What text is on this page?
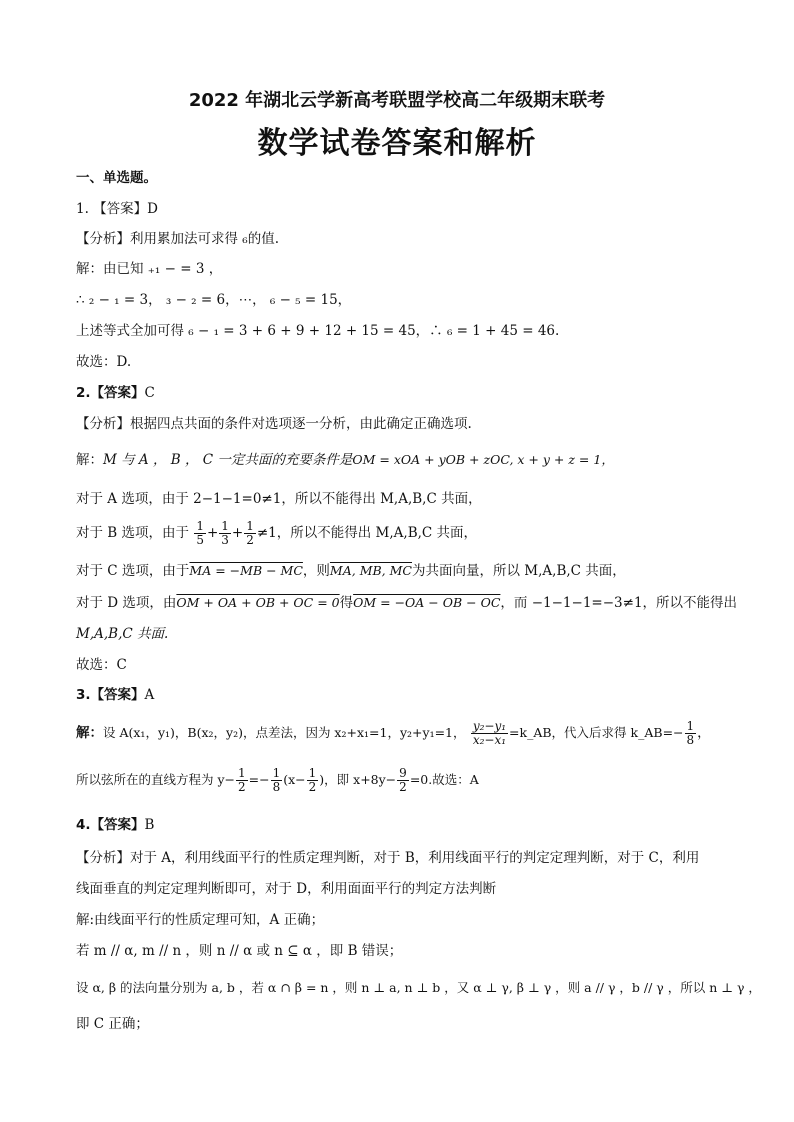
2022 年湖北云学新高考联盟学校高二年级期末联考
数学试卷答案和解析
一、单选题。
1. 【答案】D
【分析】利用累加法可求得 ₆的值.
解：由已知 ₊₁ − = 3 ，
∴ ₂ − ₁ = 3， ₃ − ₂ = 6，⋯， ₆ − ₅ = 15，
上述等式全加可得 ₆ − ₁ = 3 + 6 + 9 + 12 + 15 = 45，∴ ₆ = 1 + 45 = 46.
故选：D.
2.【答案】C
【分析】根据四点共面的条件对选项逐一分析，由此确定正确选项.
解：M 与 A ， B ， C 一定共面的充要条件是OM = xOA + yOB + zOC, x + y + z = 1，
对于 A 选项，由于 2−1−1=0≠1，所以不能得出 M,A,B,C 共面，
对于 B 选项，由于 $\frac{1}{5} + \frac{1}{3} + \frac{1}{2} \ne 1$，所以不能得出 M,A,B,C 共面，
对于 C 选项，由于MA = −MB − MC，则MA, MB, MC为共面向量，所以 M,A,B,C 共面，
对于 D 选项，由OM + OA + OB + OC = 0得OM = −OA − OB − OC，而 −1−1−1=−3≠1，所以不能得出
M,A,B,C 共面.
故选：C
3.【答案】A
解：设 A(x₁，y₁)，B(x₂，y₂)，点差法，因为 x₂+x₁=1，y₂+y₁=1， $\frac{\text{y₂−y₁}}{\text{x₂−x₁}}$ =k_AB，代入后求得 k_AB=− $\frac{1}{8}$ ，
所以弦所在的直线方程为 $y- \frac{1}{2} =- \frac{1}{8} (x- \frac{1}{2}$ )，即 $x+8y- \frac{9}{2} =0$.故选：A
4.【答案】B
【分析】对于 A，利用线面平行的性质定理判断，对于 B，利用线面平行的判定定理判断，对于 C，利用
线面垂直的判定定理判断即可，对于 D，利用面面平行的判定方法判断
解:由线面平行的性质定理可知，A 正确；
若 m // α, m // n ，则 n // α 或 n ⊆ α ，即 B 错误；
设 α, β 的法向量分别为 a, b ，若 α ∩ β = n ，则 n ⊥ a, n ⊥ b ，又 α ⊥ γ, β ⊥ γ ，则 a // γ ，b // γ ，所以 n ⊥ γ ，
即 C 正确；
